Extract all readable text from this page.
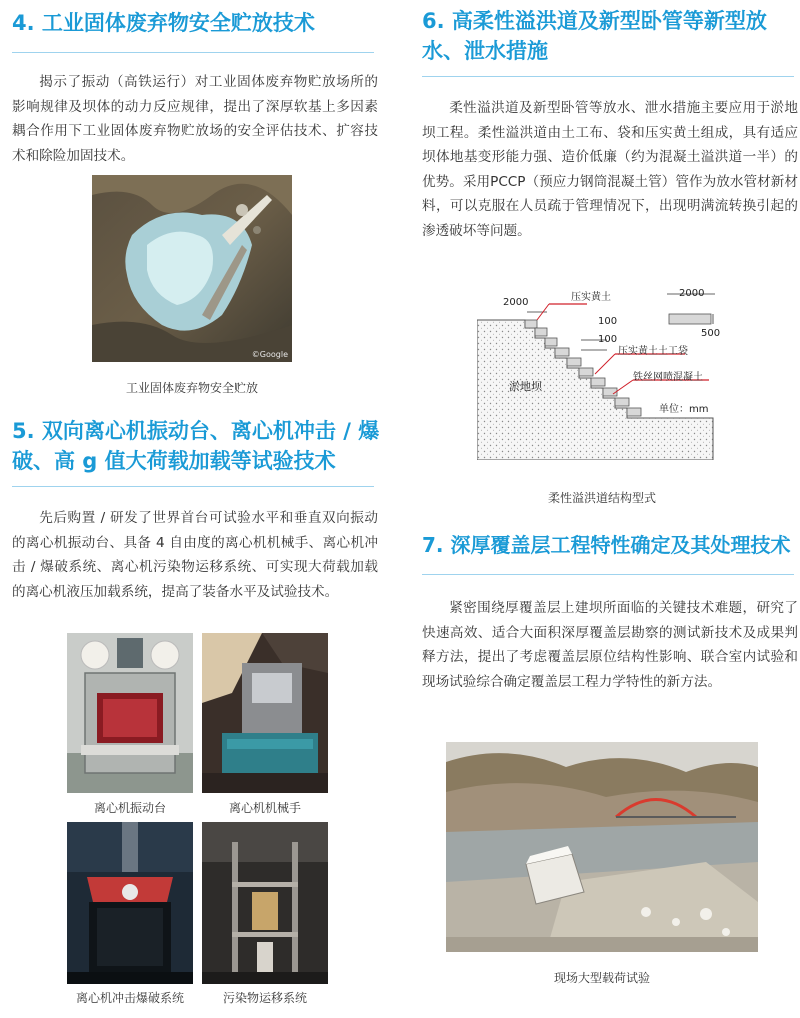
4. 工业固体废弃物安全贮放技术
揭示了振动（高铁运行）对工业固体废弃物贮放场所的影响规律及坝体的动力反应规律，提出了深厚软基上多因素耦合作用下工业固体废弃物贮放场的安全评估技术、扩容技术和除险加固技术。
©Google
工业固体废弃物安全贮放
5. 双向离心机振动台、离心机冲击 / 爆破、高 g 值大荷载加载等试验技术
先后购置 / 研发了世界首台可试验水平和垂直双向振动的离心机振动台、具备 4 自由度的离心机机械手、离心机冲击 / 爆破系统、离心机污染物运移系统、可实现大荷载加载的离心机液压加载系统，提高了装备水平及试验技术。
离心机振动台	离心机机械手
离心机冲击爆破系统	污染物运移系统
6. 高柔性溢洪道及新型卧管等新型放水、泄水措施
柔性溢洪道及新型卧管等放水、泄水措施主要应用于淤地坝工程。柔性溢洪道由土工布、袋和压实黄土组成，具有适应坝体地基变形能力强、造价低廉（约为混凝土溢洪道一半）的优势。采用PCCP（预应力钢筒混凝土管）管作为放水管材新材料，可以克服在人员疏于管理情况下，出现明满流转换引起的渗透破坏等问题。
2000	压实黄土
100
100
压实黄土土工袋
淤地坝
铁丝网喷混凝土
单位：mm
2000
500
柔性溢洪道结构型式
7. 深厚覆盖层工程特性确定及其处理技术
紧密围绕厚覆盖层上建坝所面临的关键技术难题，研究了快速高效、适合大面积深厚覆盖层勘察的测试新技术及成果判释方法，提出了考虑覆盖层原位结构性影响、联合室内试验和现场试验综合确定覆盖层工程力学特性的新方法。
现场大型载荷试验
